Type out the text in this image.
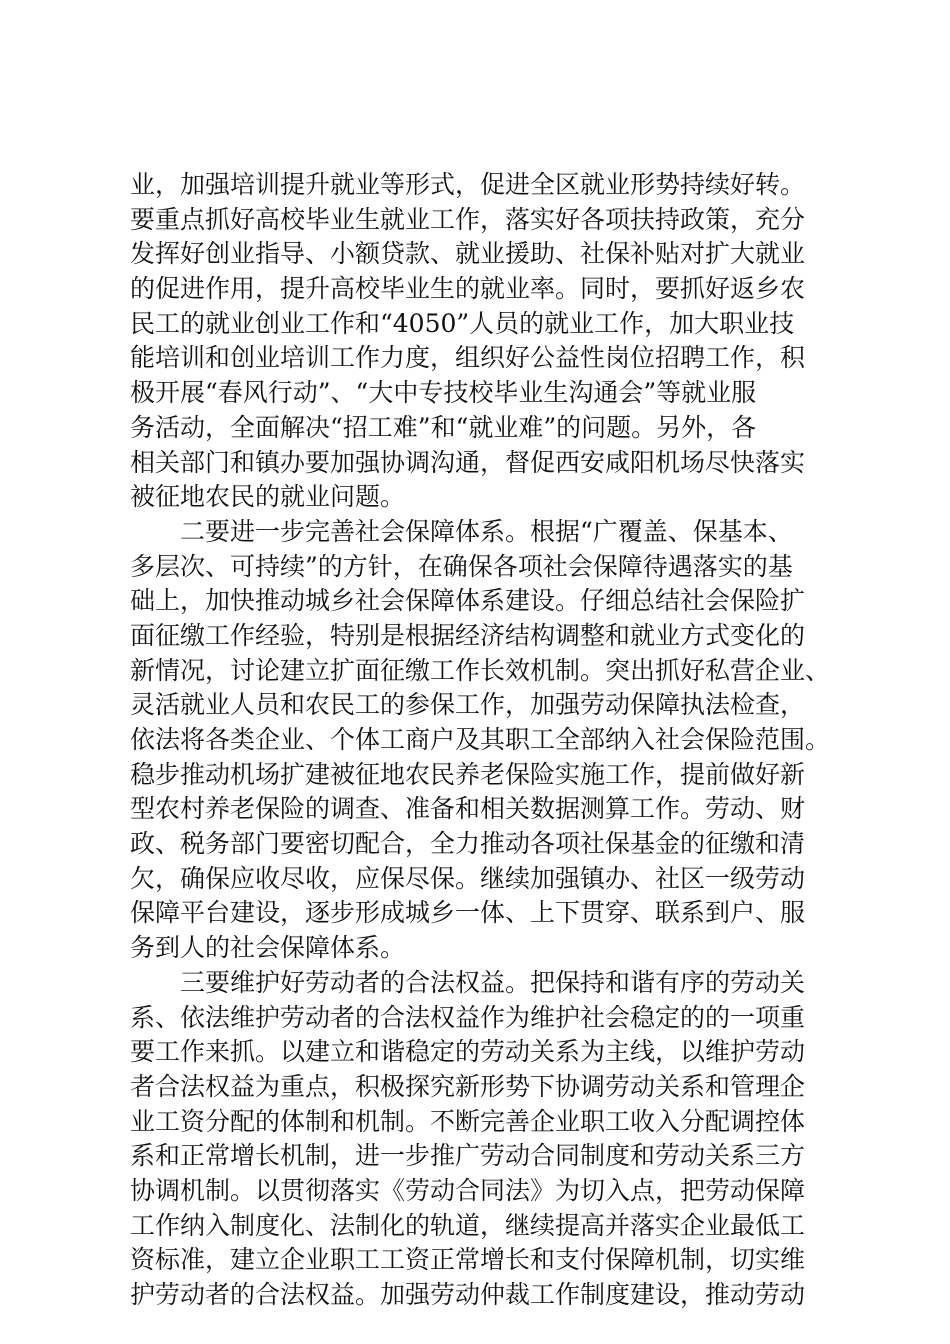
业，加强培训提升就业等形式，促进全区就业形势持续好转。
要重点抓好高校毕业生就业工作，落实好各项扶持政策，充分
发挥好创业指导、小额贷款、就业援助、社保补贴对扩大就业
的促进作用，提升高校毕业生的就业率。同时，要抓好返乡农
民工的就业创业工作和“4050”人员的就业工作，加大职业技
能培训和创业培训工作力度，组织好公益性岗位招聘工作，积
极开展“春风行动”、“大中专技校毕业生沟通会”等就业服
务活动，全面解决“招工难”和“就业难”的问题。另外，各
相关部门和镇办要加强协调沟通，督促西安咸阳机场尽快落实
被征地农民的就业问题。
　　二要进一步完善社会保障体系。根据“广覆盖、保基本、
多层次、可持续”的方针，在确保各项社会保障待遇落实的基
础上，加快推动城乡社会保障体系建设。仔细总结社会保险扩
面征缴工作经验，特别是根据经济结构调整和就业方式变化的
新情况，讨论建立扩面征缴工作长效机制。突出抓好私营企业、
灵活就业人员和农民工的参保工作，加强劳动保障执法检查，
依法将各类企业、个体工商户及其职工全部纳入社会保险范围。
稳步推动机场扩建被征地农民养老保险实施工作，提前做好新
型农村养老保险的调查、准备和相关数据测算工作。劳动、财
政、税务部门要密切配合，全力推动各项社保基金的征缴和清
欠，确保应收尽收，应保尽保。继续加强镇办、社区一级劳动
保障平台建设，逐步形成城乡一体、上下贯穿、联系到户、服
务到人的社会保障体系。
　　三要维护好劳动者的合法权益。把保持和谐有序的劳动关
系、依法维护劳动者的合法权益作为维护社会稳定的的一项重
要工作来抓。以建立和谐稳定的劳动关系为主线，以维护劳动
者合法权益为重点，积极探究新形势下协调劳动关系和管理企
业工资分配的体制和机制。不断完善企业职工收入分配调控体
系和正常增长机制，进一步推广劳动合同制度和劳动关系三方
协调机制。以贯彻落实《劳动合同法》为切入点，把劳动保障
工作纳入制度化、法制化的轨道，继续提高并落实企业最低工
资标准，建立企业职工工资正常增长和支付保障机制，切实维
护劳动者的合法权益。加强劳动仲裁工作制度建设，推动劳动
